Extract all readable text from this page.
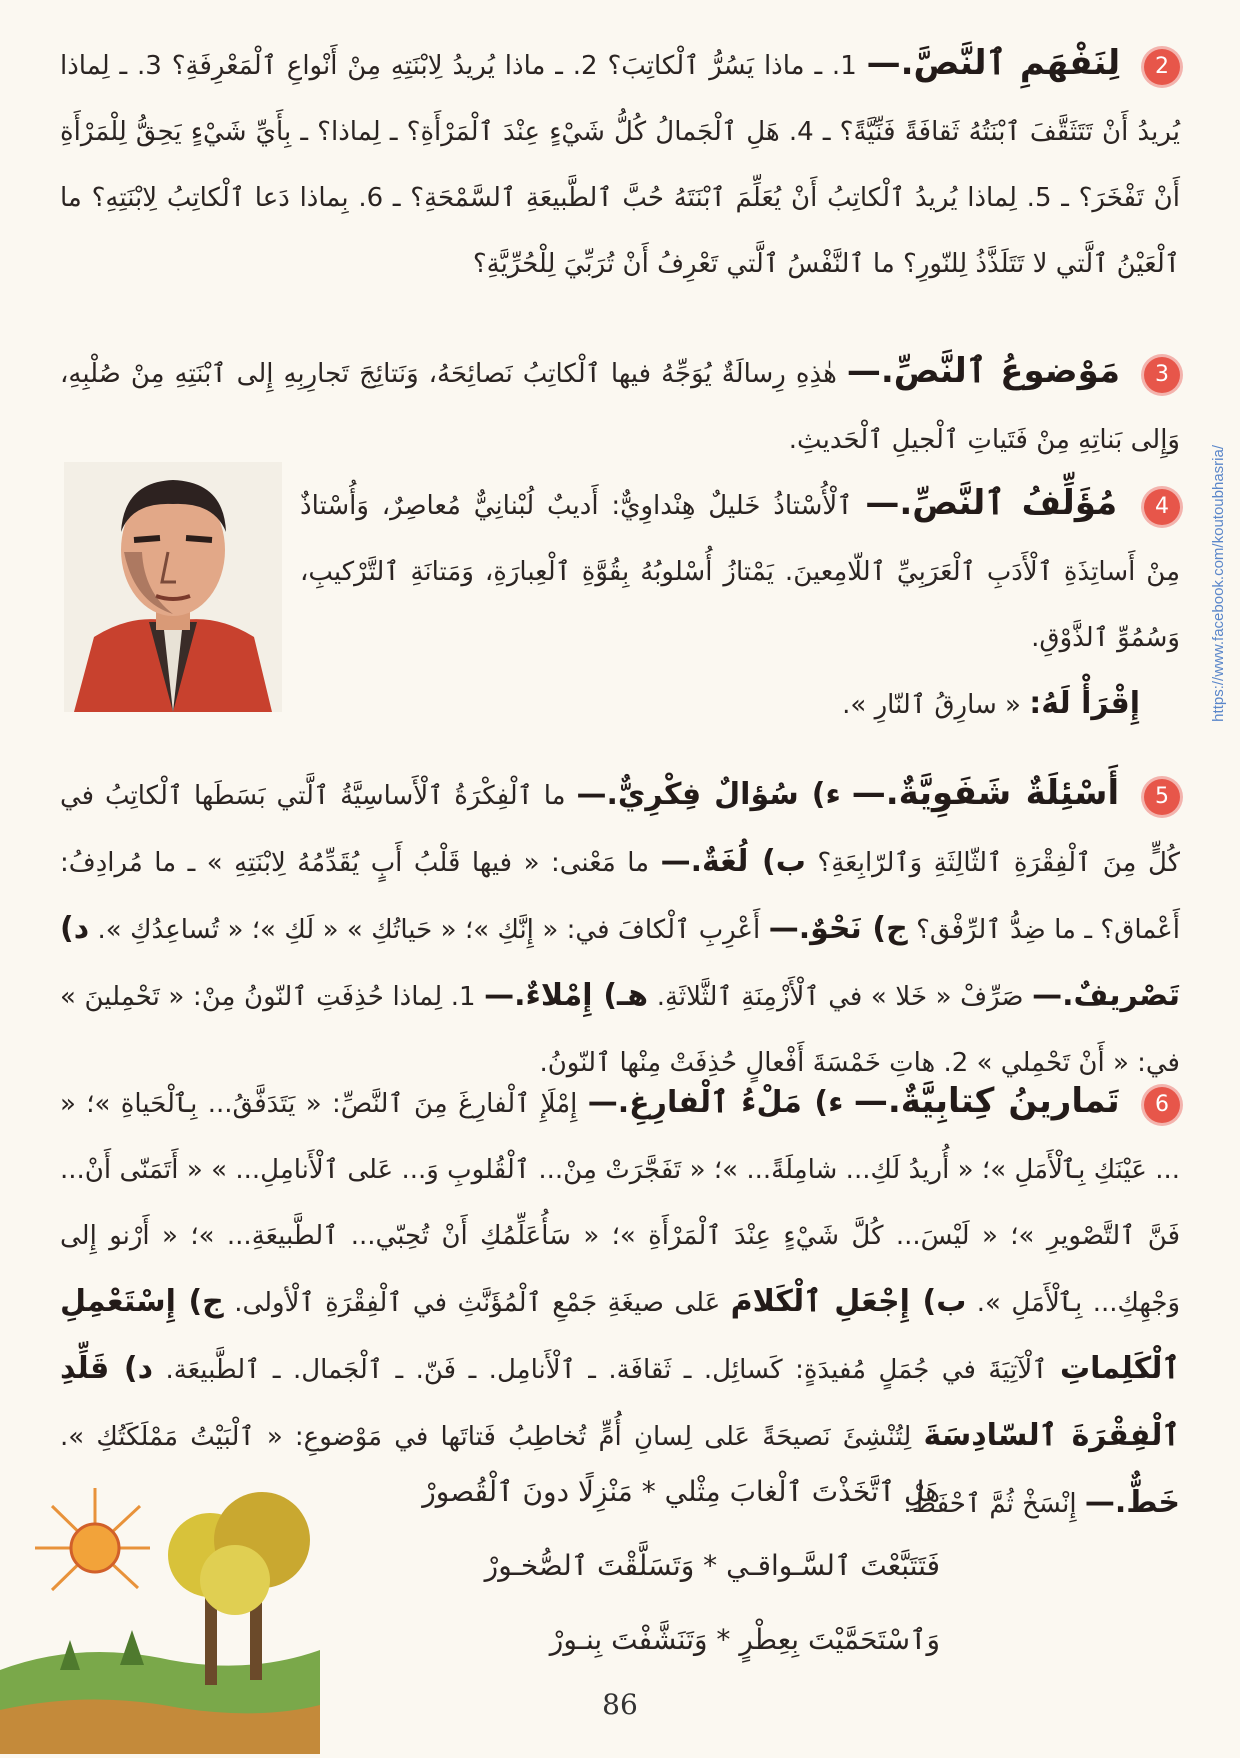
2 لِنَفْهَمِ ٱلنَّصَّ.— 1. ـ ماذا يَسُرُّ ٱلْكاتِبَ؟ 2. ـ ماذا يُريدُ لِابْنَتِهِ مِنْ أَنْواعِ ٱلْمَعْرِفَةِ؟ 3. ـ لِماذا يُريدُ أَنْ تَتَثَقَّفَ ٱبْنَتُهُ ثَقافَةً فَنِّيَّةً؟ ـ 4. هَلِ ٱلْجَمالُ كُلُّ شَيْءٍ عِنْدَ ٱلْمَرْأَةِ؟ ـ لِماذا؟ ـ بِأَيِّ شَيْءٍ يَحِقُّ لِلْمَرْأَةِ أَنْ تَفْخَرَ؟ ـ 5. لِماذا يُريدُ ٱلْكاتِبُ أَنْ يُعَلِّمَ ٱبْنَتَهُ حُبَّ ٱلطَّبيعَةِ ٱلسَّمْحَةِ؟ ـ 6. بِماذا دَعا ٱلْكاتِبُ لِابْنَتِهِ؟ ما ٱلْعَيْنُ ٱلَّتي لا تَتَلَذَّذُ لِلنّورِ؟ ما ٱلنَّفْسُ ٱلَّتي تَعْرِفُ أَنْ تُرَبِّيَ لِلْحُرِّيَّةِ؟
3 مَوْضوعُ ٱلنَّصِّ.— هٰذِهِ رِسالَةٌ يُوَجِّهُ فيها ٱلْكاتِبُ نَصائِحَهُ، وَنَتائِجَ تَجارِبِهِ إِلى ٱبْنَتِهِ مِنْ صُلْبِهِ، وَإِلى بَناتِهِ مِنْ فَتَياتِ ٱلْجيلِ ٱلْحَديثِ.
4 مُؤَلِّفُ ٱلنَّصِّ.— ٱلْأُسْتاذُ خَليلٌ هِنْداوِيٌّ: أَديبٌ لُبْنانِيٌّ مُعاصِرٌ، وَأُسْتاذٌ مِنْ أَساتِذَةِ ٱلْأَدَبِ ٱلْعَرَبِيِّ ٱللّامِعينَ. يَمْتازُ أُسْلوبُهُ بِقُوَّةِ ٱلْعِبارَةِ، وَمَتانَةِ ٱلتَّرْكيبِ، وَسُمُوِّ ٱلذَّوْقِ.
إِقْرَأْ لَهُ: « سارِقُ ٱلنّارِ ».
5 أَسْئِلَةٌ شَفَوِيَّةٌ.— ء) سُؤالٌ فِكْرِيٌّ.— ما ٱلْفِكْرَةُ ٱلْأَساسِيَّةُ ٱلَّتي بَسَطَها ٱلْكاتِبُ في كُلٍّ مِنَ ٱلْفِقْرَةِ ٱلثّالِثَةِ وَٱلرّابِعَةِ؟ ب) لُغَةٌ.— ما مَعْنى: « فيها قَلْبُ أَبٍ يُقَدِّمُهُ لِابْنَتِهِ » ـ ما مُرادِفُ: أَعْماق؟ ـ ما ضِدُّ ٱلرِّفْق؟ ج) نَحْوٌ.— أَعْرِبِ ٱلْكافَ في: « إِنَّكِ »؛ « حَياتُكِ » « لَكِ »؛ « تُساعِدُكِ ». د) تَصْريفٌ.— صَرِّفْ « خَلا » في ٱلْأَزْمِنَةِ ٱلثَّلاثَةِ. هـ) إِمْلاءٌ.— 1. لِماذا حُذِفَتِ ٱلنّونُ مِنْ: « تَحْمِلينَ » في: « أَنْ تَحْمِلي » 2. هاتِ خَمْسَةَ أَفْعالٍ حُذِفَتْ مِنْها ٱلنّونُ.
6 تَمارينُ كِتابِيَّةٌ.— ء) مَلْءُ ٱلْفارِغِ.— إِمْلَإِ ٱلْفارِغَ مِنَ ٱلنَّصِّ: « يَتَدَفَّقُ... بِٱلْحَياةِ »؛ « ... عَيْنَكِ بِٱلْأَمَلِ »؛ « أُريدُ لَكِ... شامِلَةً... »؛ « تَفَجَّرَتْ مِنْ... ٱلْقُلوبِ وَ... عَلى ٱلْأَنامِلِ... » « أَتَمَنّى أَنْ... فَنَّ ٱلتَّصْويرِ »؛ « لَيْسَ... كُلَّ شَيْءٍ عِنْدَ ٱلْمَرْأَةِ »؛ « سَأُعَلِّمُكِ أَنْ تُحِبّي... ٱلطَّبيعَةِ... »؛ « أَرْنو إِلى وَجْهِكِ... بِٱلْأَمَلِ ». ب) إِجْعَلِ ٱلْكَلامَ عَلى صيغَةِ جَمْعِ ٱلْمُؤَنَّثِ في ٱلْفِقْرَةِ ٱلْأولى. ج) إِسْتَعْمِلِ ٱلْكَلِماتِ ٱلْآتِيَةَ في جُمَلٍ مُفيدَةٍ: كَسائِل. ـ ثَقافَة. ـ ٱلْأَنامِل. ـ فَنّ. ـ ٱلْجَمال. ـ ٱلطَّبيعَة. د) قَلِّدِ ٱلْفِقْرَةَ ٱلسّادِسَةَ لِتُنْشِئَ نَصيحَةً عَلى لِسانِ أُمٍّ تُخاطِبُ فَتاتَها في مَوْضوعِ: « ٱلْبَيْتُ مَمْلَكَتُكِ ». خَطٌّ.— إِنْسَخْ ثُمَّ ٱحْفَظْ:
هَلِ ٱتَّخَذْتَ ٱلْغابَ مِثْلي * مَنْزِلًا دونَ ٱلْقُصورْ
فَتَتَبَّعْتَ ٱلسَّـواقـي * وَتَسَلَّقْتَ ٱلصُّخـورْ
وَٱسْتَحَمَّيْتَ بِعِطْرٍ * وَتَنَشَّفْتَ بِنـورْ
86
https://www.facebook.com/koutoubhasria/
